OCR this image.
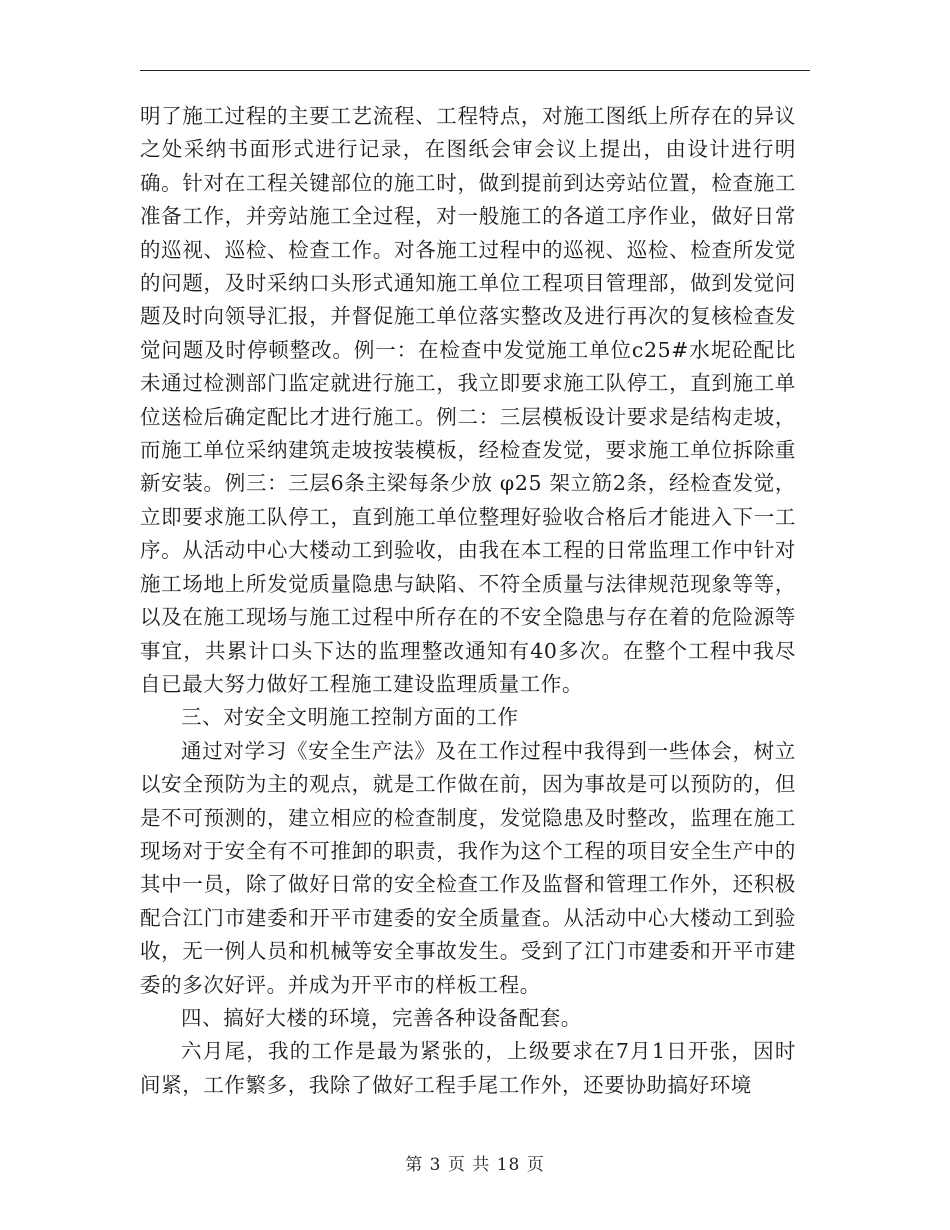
明了施工过程的主要工艺流程、工程特点，对施工图纸上所存在的异议之处采纳书面形式进行记录，在图纸会审会议上提出，由设计进行明确。针对在工程关键部位的施工时，做到提前到达旁站位置，检查施工准备工作，并旁站施工全过程，对一般施工的各道工序作业，做好日常的巡视、巡检、检查工作。对各施工过程中的巡视、巡检、检查所发觉的问题，及时采纳口头形式通知施工单位工程项目管理部，做到发觉问题及时向领导汇报，并督促施工单位落实整改及进行再次的复核检查发觉问题及时停顿整改。例一：在检查中发觉施工单位c25#水坭砼配比未通过检测部门监定就进行施工，我立即要求施工队停工，直到施工单位送检后确定配比才进行施工。例二：三层模板设计要求是结构走坡，而施工单位采纳建筑走坡按装模板，经检查发觉，要求施工单位拆除重新安装。例三：三层6条主梁每条少放 φ25 架立筋2条，经检查发觉，立即要求施工队停工，直到施工单位整理好验收合格后才能进入下一工序。从活动中心大楼动工到验收，由我在本工程的日常监理工作中针对施工场地上所发觉质量隐患与缺陷、不符全质量与法律规范现象等等，以及在施工现场与施工过程中所存在的不安全隐患与存在着的危险源等事宜，共累计口头下达的监理整改通知有40多次。在整个工程中我尽自已最大努力做好工程施工建设监理质量工作。

三、对安全文明施工控制方面的工作

通过对学习《安全生产法》及在工作过程中我得到一些体会，树立以安全预防为主的观点，就是工作做在前，因为事故是可以预防的，但是不可预测的，建立相应的检查制度，发觉隐患及时整改，监理在施工现场对于安全有不可推卸的职责，我作为这个工程的项目安全生产中的其中一员，除了做好日常的安全检查工作及监督和管理工作外，还积极配合江门市建委和开平市建委的安全质量查。从活动中心大楼动工到验收，无一例人员和机械等安全事故发生。受到了江门市建委和开平市建委的多次好评。并成为开平市的样板工程。

四、搞好大楼的环境，完善各种设备配套。

六月尾，我的工作是最为紧张的，上级要求在7月1日开张，因时间紧，工作繁多，我除了做好工程手尾工作外，还要协助搞好环境

第 3 页 共 18 页
